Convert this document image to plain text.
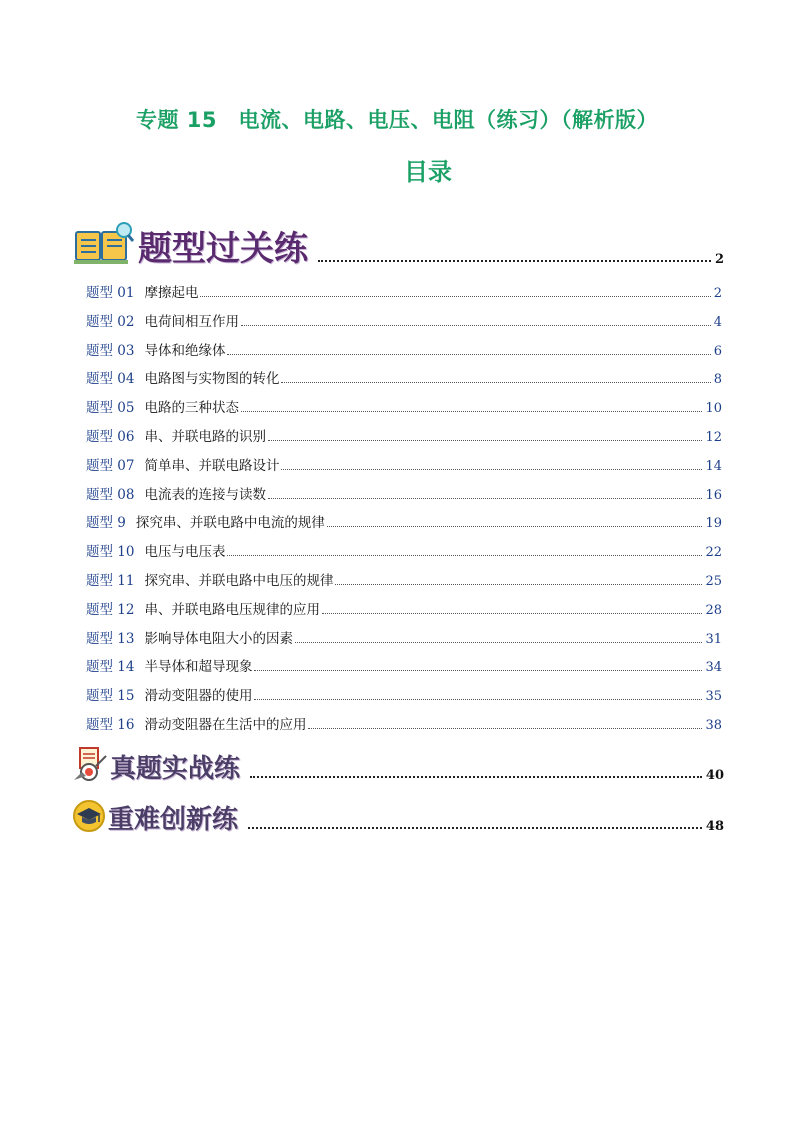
专题 15　电流、电路、电压、电阻（练习）（解析版）
目录
题型过关练	2
题型 01 摩擦起电	2
题型 02 电荷间相互作用	4
题型 03 导体和绝缘体	6
题型 04 电路图与实物图的转化	8
题型 05 电路的三种状态	10
题型 06 串、并联电路的识别	12
题型 07 简单串、并联电路设计	14
题型 08 电流表的连接与读数	16
题型 9 探究串、并联电路中电流的规律	19
题型 10 电压与电压表	22
题型 11 探究串、并联电路中电压的规律	25
题型 12 串、并联电路电压规律的应用	28
题型 13 影响导体电阻大小的因素	31
题型 14 半导体和超导现象	34
题型 15 滑动变阻器的使用	35
题型 16 滑动变阻器在生活中的应用	38
真题实战练	40
重难创新练	48
